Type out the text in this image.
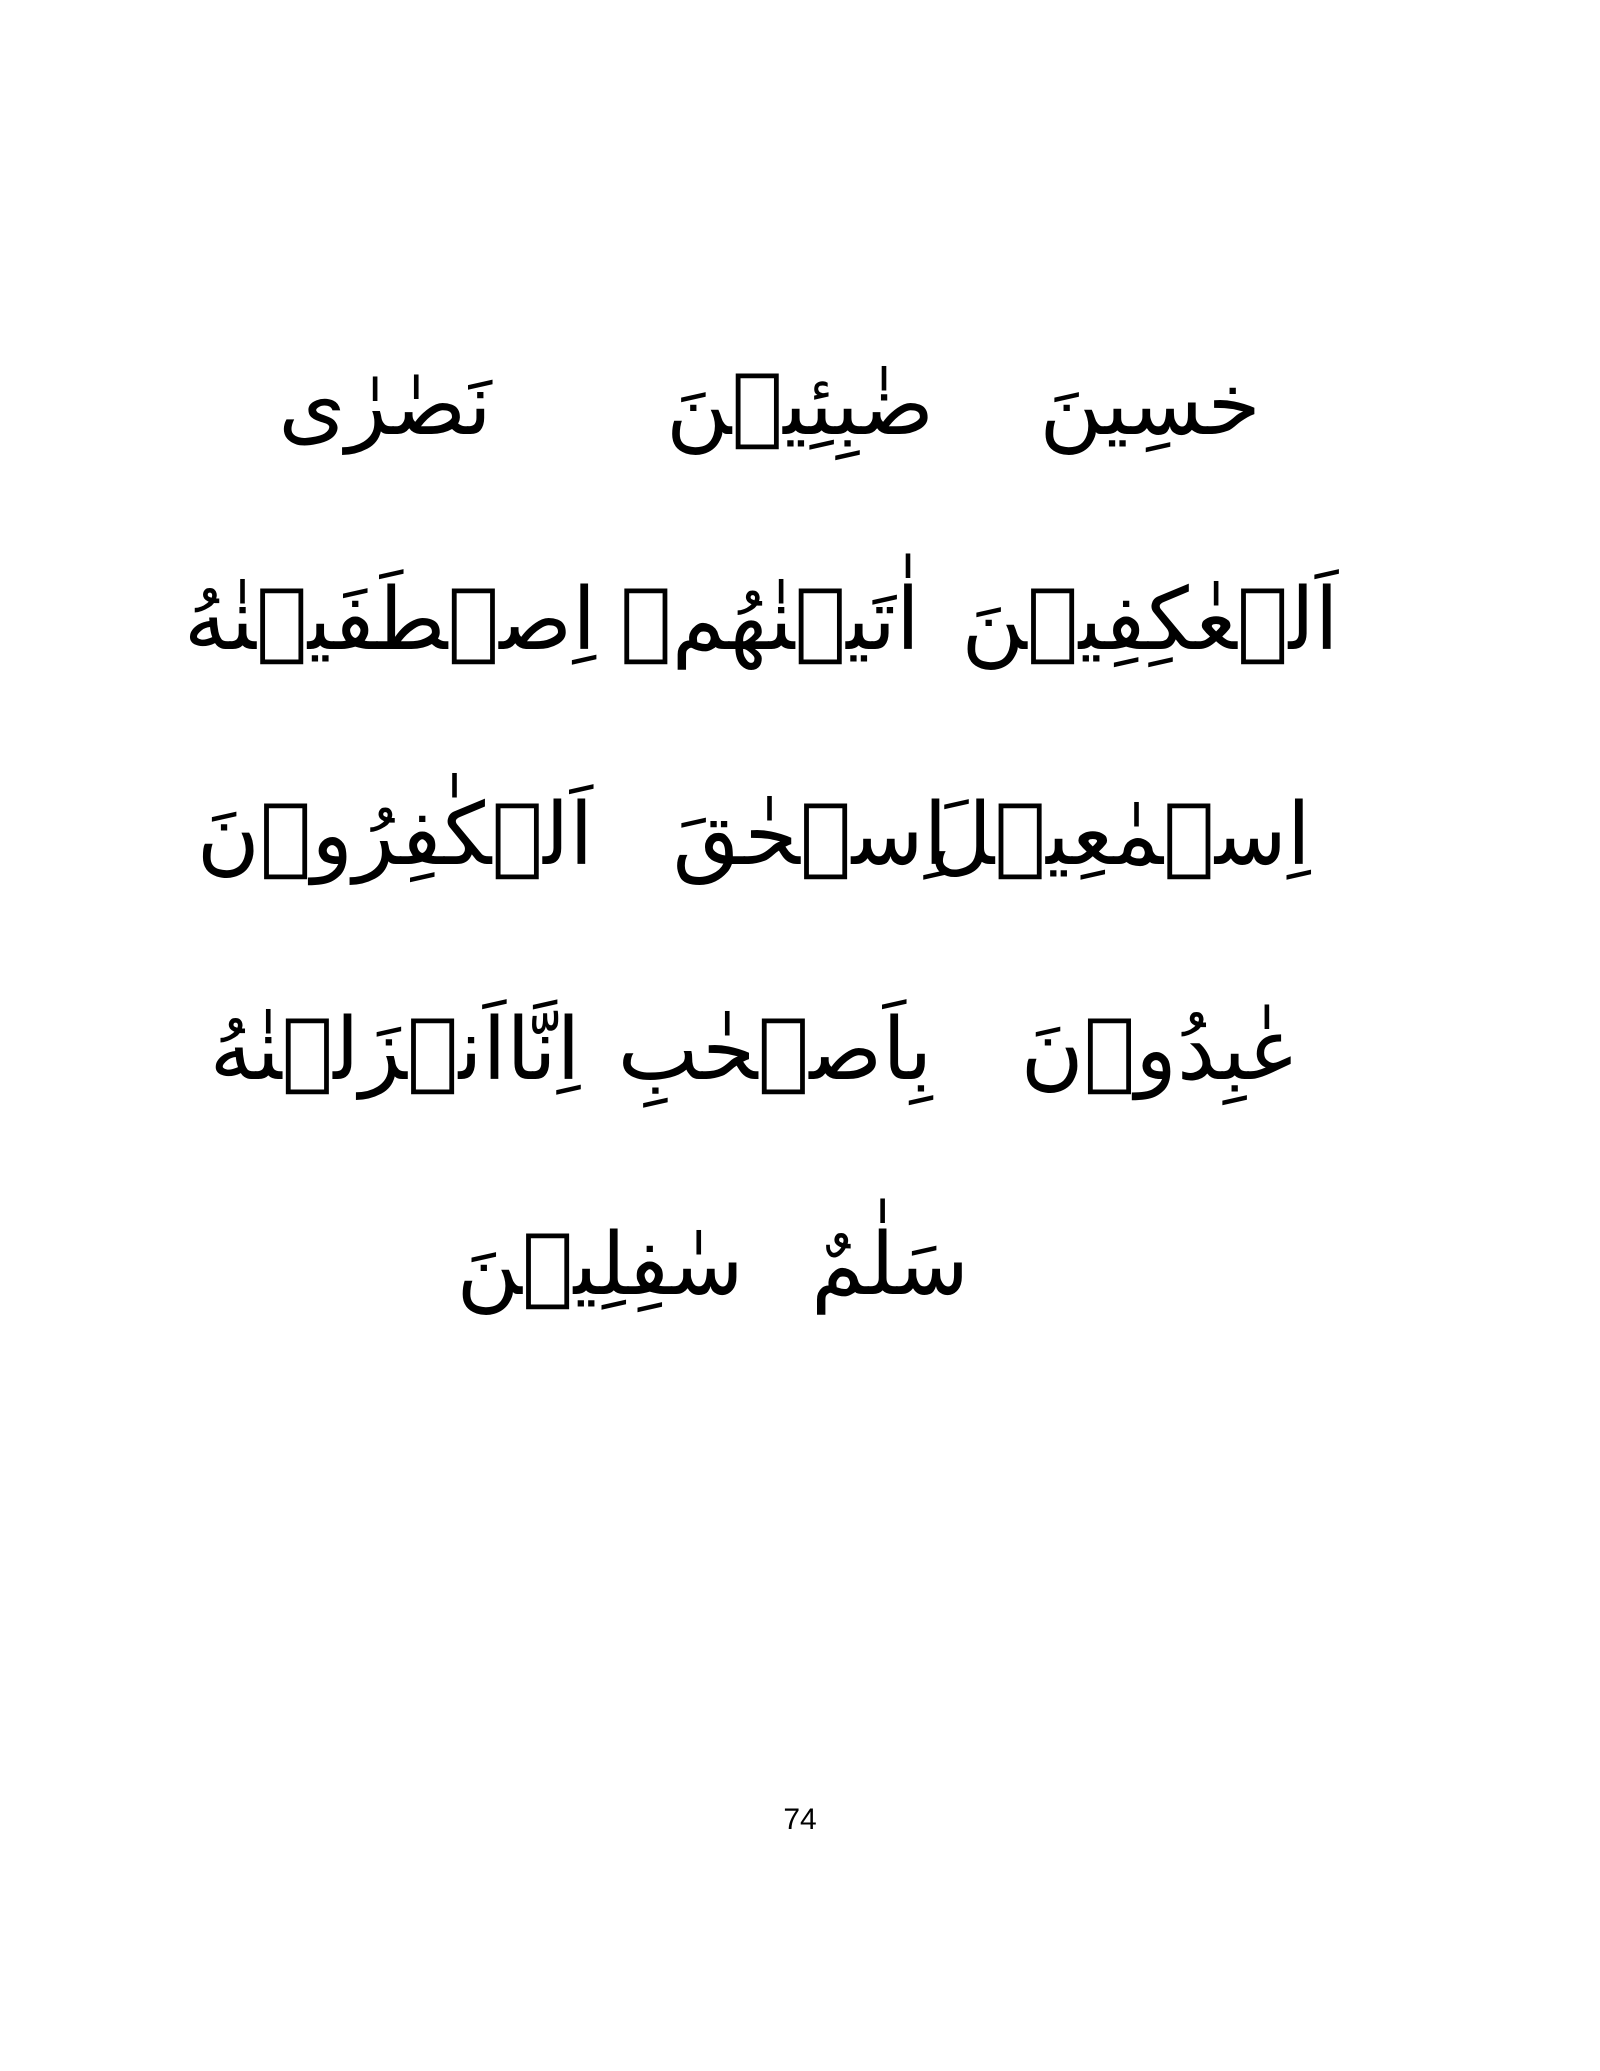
خسِينَ
ضٰبِئِيۡنَ
نَصٰرٰی
اَلۡعٰکِفِيۡنَ
اٰتَيۡنٰهُمۡ
اِصۡطَفَيۡنٰهُ
اِسۡمٰعِيۡلَ
اِسۡحٰقَ
اَلۡکٰفِرُوۡنَ
عٰبِدُوۡنَ
بِاَصۡحٰبِ
اِنَّااَنۡزَلۡنٰهُ
سَلٰمٌ
سٰفِلِيۡنَ
74
